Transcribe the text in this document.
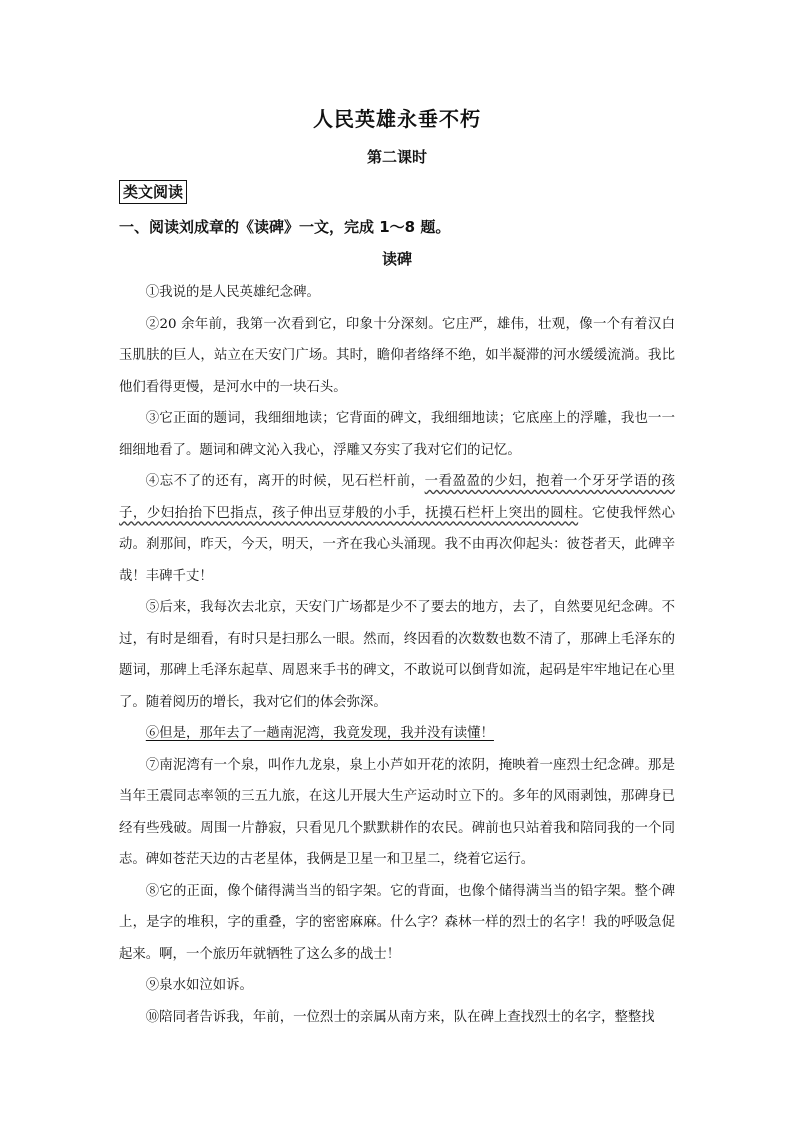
人民英雄永垂不朽
第二课时
类文阅读
一、阅读刘成章的《读碑》一文，完成 1～8 题。
读碑

①我说的是人民英雄纪念碑。

②20 余年前，我第一次看到它，印象十分深刻。它庄严，雄伟，壮观，像一个有着汉白玉肌肤的巨人，站立在天安门广场。其时，瞻仰者络绎不绝，如半凝滞的河水缓缓流淌。我比他们看得更慢，是河水中的一块石头。

③它正面的题词，我细细地读；它背面的碑文，我细细地读；它底座上的浮雕，我也一一细细地看了。题词和碑文沁入我心，浮雕又夯实了我对它们的记忆。

④忘不了的还有，离开的时候，见石栏杆前，一看盈盈的少妇，抱着一个牙牙学语的孩子，少妇抬抬下巴指点，孩子伸出豆芽般的小手，抚摸石栏杆上突出的圆柱。它使我怦然心动。刹那间，昨天，今天，明天，一齐在我心头涌现。我不由再次仰起头：彼苍者天，此碑辛哉！丰碑千丈！

⑤后来，我每次去北京，天安门广场都是少不了要去的地方，去了，自然要见纪念碑。不过，有时是细看，有时只是扫那么一眼。然而，终因看的次数数也数不清了，那碑上毛泽东的题词，那碑上毛泽东起草、周恩来手书的碑文，不敢说可以倒背如流，起码是牢牢地记在心里了。随着阅历的增长，我对它们的体会弥深。

⑥但是，那年去了一趟南泥湾，我竟发现，我并没有读懂！

⑦南泥湾有一个泉，叫作九龙泉，泉上小芦如开花的浓阴，掩映着一座烈士纪念碑。那是当年王震同志率领的三五九旅，在这儿开展大生产运动时立下的。多年的风雨剥蚀，那碑身已经有些残破。周围一片静寂，只看见几个默默耕作的农民。碑前也只站着我和陪同我的一个同志。碑如苍茫天边的古老星体，我俩是卫星一和卫星二，绕着它运行。

⑧它的正面，像个储得满当当的铅字架。它的背面，也像个储得满当当的铅字架。整个碑上，是字的堆积，字的重叠，字的密密麻麻。什么字？森林一样的烈士的名字！我的呼吸急促起来。啊，一个旅历年就牺牲了这么多的战士！

⑨泉水如泣如诉。

⑩陪同者告诉我，年前，一位烈士的亲属从南方来，队在碑上查找烈士的名字，整整找
